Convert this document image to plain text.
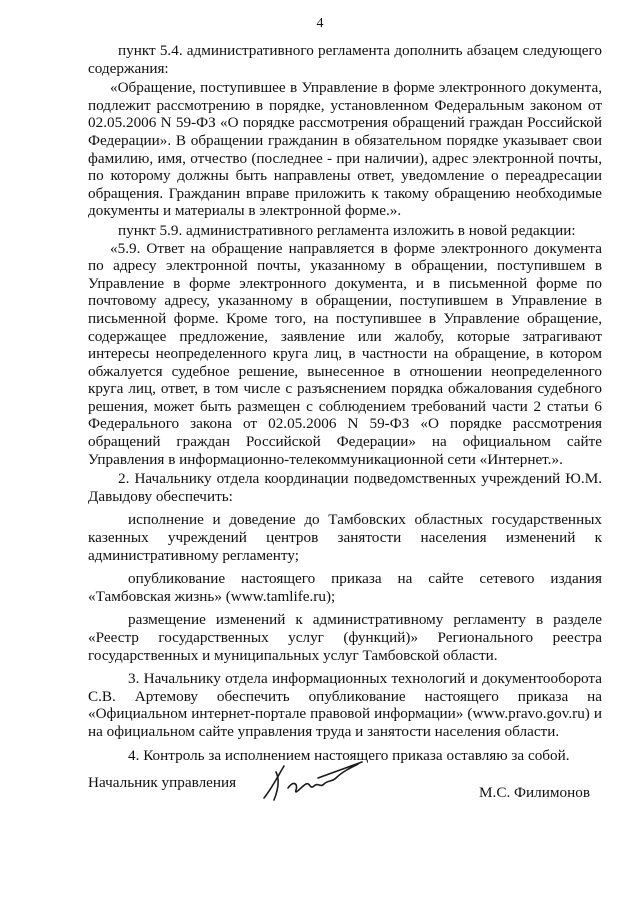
4

пункт 5.4. административного регламента дополнить абзацем следующего содержания:

«Обращение, поступившее в Управление в форме электронного документа, подлежит рассмотрению в порядке, установленном Федеральным законом от 02.05.2006 N 59-ФЗ «О порядке рассмотрения обращений граждан Российской Федерации». В обращении гражданин в обязательном порядке указывает свои фамилию, имя, отчество (последнее - при наличии), адрес электронной почты, по которому должны быть направлены ответ, уведомление о переадресации обращения. Гражданин вправе приложить к такому обращению необходимые документы и материалы в электронной форме.».

пункт 5.9. административного регламента изложить в новой редакции:

«5.9. Ответ на обращение направляется в форме электронного документа по адресу электронной почты, указанному в обращении, поступившем в Управление в форме электронного документа, и в письменной форме по почтовому адресу, указанному в обращении, поступившем в Управление в письменной форме. Кроме того, на поступившее в Управление обращение, содержащее предложение, заявление или жалобу, которые затрагивают интересы неопределенного круга лиц, в частности на обращение, в котором обжалуется судебное решение, вынесенное в отношении неопределенного круга лиц, ответ, в том числе с разъяснением порядка обжалования судебного решения, может быть размещен с соблюдением требований части 2 статьи 6 Федерального закона от 02.05.2006 N 59-ФЗ «О порядке рассмотрения обращений граждан Российской Федерации» на официальном сайте Управления в информационно-телекоммуникационной сети «Интернет.».

2. Начальнику отдела координации подведомственных учреждений Ю.М. Давыдову обеспечить:

исполнение и доведение до Тамбовских областных государственных казенных учреждений центров занятости населения изменений к административному регламенту;

опубликование настоящего приказа на сайте сетевого издания «Тамбовская жизнь» (www.tamlife.ru);

размещение изменений к административному регламенту в разделе «Реестр государственных услуг (функций)» Регионального реестра государственных и муниципальных услуг Тамбовской области.

3. Начальнику отдела информационных технологий и документооборота С.В. Артемову обеспечить опубликование настоящего приказа на «Официальном интернет-портале правовой информации» (www.pravo.gov.ru) и на официальном сайте управления труда и занятости населения области.

4. Контроль за исполнением настоящего приказа оставляю за собой.

Начальник управления
М.С. Филимонов
